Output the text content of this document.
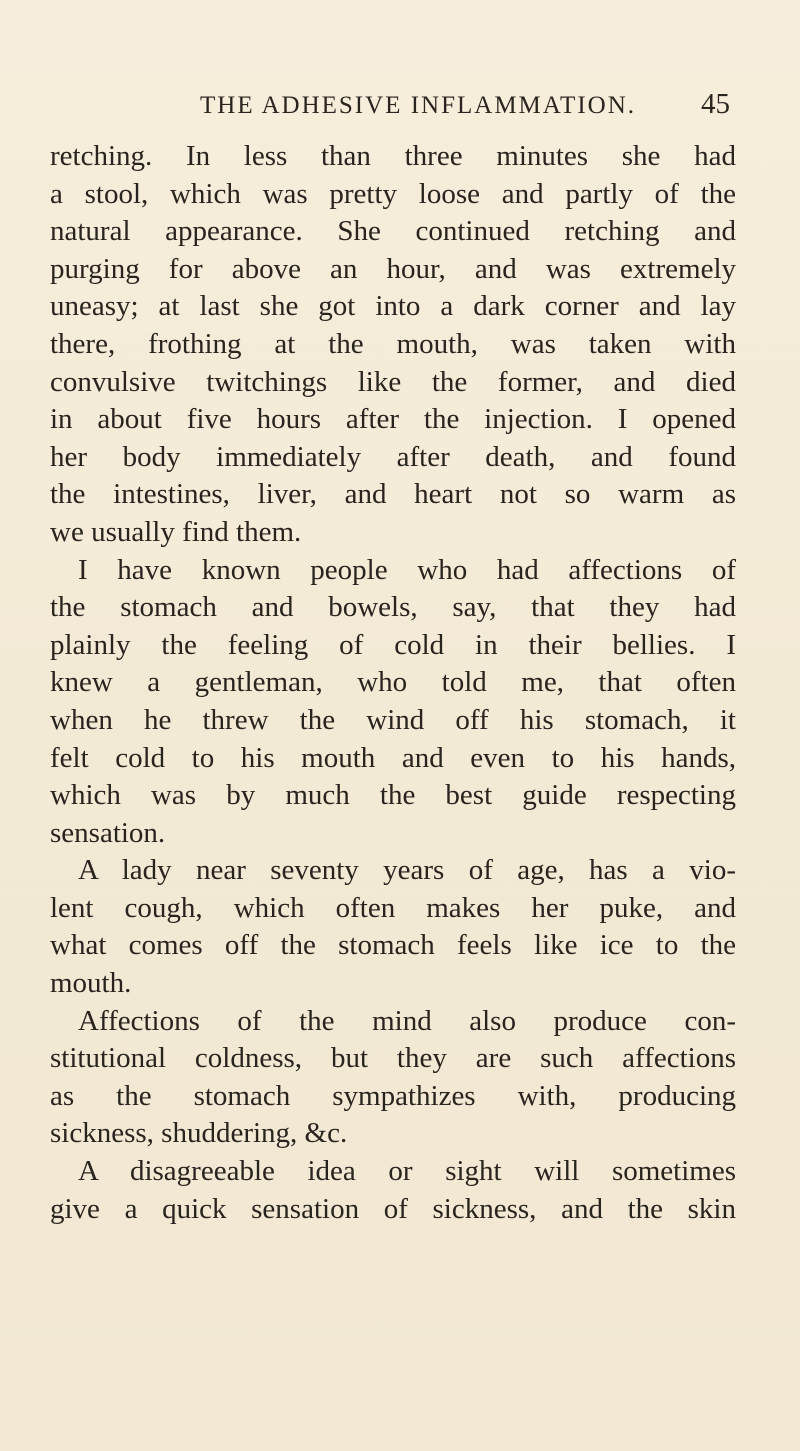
THE ADHESIVE INFLAMMATION. 45
retching. In less than three minutes she had
a stool, which was pretty loose and partly of the
natural appearance. She continued retching and
purging for above an hour, and was extremely
uneasy; at last she got into a dark corner and lay
there, frothing at the mouth, was taken with
convulsive twitchings like the former, and died
in about five hours after the injection. I opened
her body immediately after death, and found
the intestines, liver, and heart not so warm as
we usually find them.
I have known people who had affections of
the stomach and bowels, say, that they had
plainly the feeling of cold in their bellies. I
knew a gentleman, who told me, that often
when he threw the wind off his stomach, it
felt cold to his mouth and even to his hands,
which was by much the best guide respecting
sensation.
A lady near seventy years of age, has a vio-
lent cough, which often makes her puke, and
what comes off the stomach feels like ice to the
mouth.
Affections of the mind also produce con-
stitutional coldness, but they are such affections
as the stomach sympathizes with, producing
sickness, shuddering, &c.
A disagreeable idea or sight will sometimes
give a quick sensation of sickness, and the skin
